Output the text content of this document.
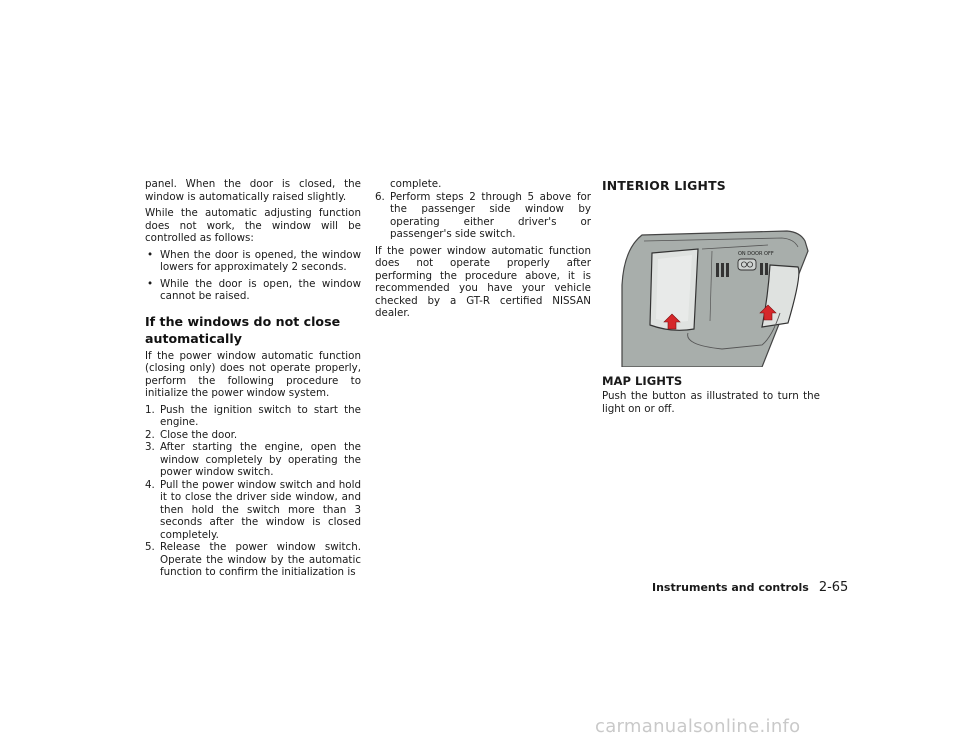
panel. When the door is closed, the window is automatically raised slightly.

While the automatic adjusting function does not work, the window will be controlled as follows:

• When the door is opened, the window lowers for approximately 2 seconds.
• While the door is open, the window cannot be raised.
If the windows do not close automatically

If the power window automatic function (closing only) does not operate properly, perform the following procedure to initialize the power window system.

1. Push the ignition switch to start the engine.
2. Close the door.
3. After starting the engine, open the window completely by operating the power window switch.
4. Pull the power window switch and hold it to close the driver side window, and then hold the switch more than 3 seconds after the window is closed completely.
5. Release the power window switch. Operate the window by the automatic function to confirm the initialization is
complete.
6. Perform steps 2 through 5 above for the passenger side window by operating either driver's or passenger's side switch.

If the power window automatic function does not operate properly after performing the procedure above, it is recommended you have your vehicle checked by a GT-R certified NISSAN dealer.

INTERIOR LIGHTS
ON DOOR OFF
MAP LIGHTS

Push the button as illustrated to turn the light on or off.

Instruments and controls 2-65
carmanualsonline.info
